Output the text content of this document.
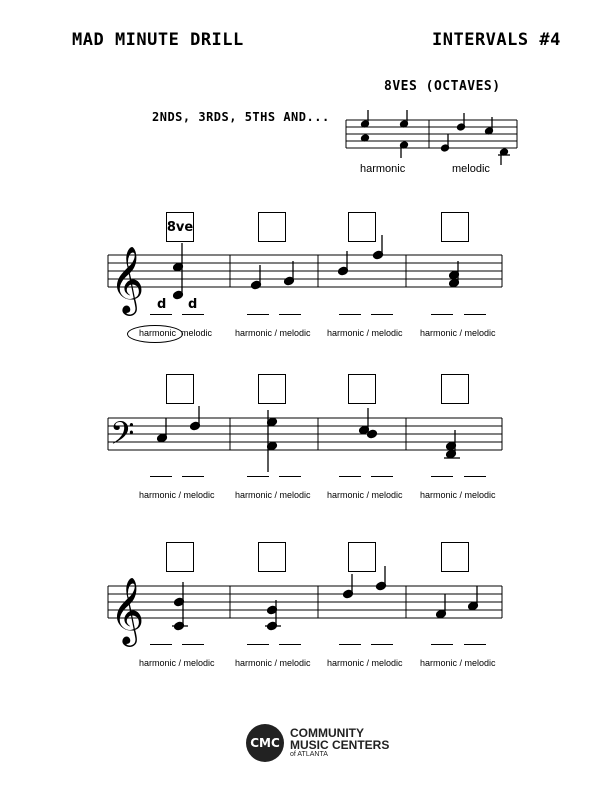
MAD MINUTE DRILL	INTERVALS #4
8VES (OCTAVES)
2NDS, 3RDS, 5THS AND...
𝄞
𝄢
𝄞
harmonic	melodic
8ve
d d
harmonic melodic	harmonic / melodic harmonic / melodic harmonic / melodic
harmonic / melodic harmonic / melodic harmonic / melodic harmonic / melodic
harmonic / melodic harmonic / melodic harmonic / melodic harmonic / melodic
CMC
COMMUNITY
MUSIC CENTERS
of ATLANTA
